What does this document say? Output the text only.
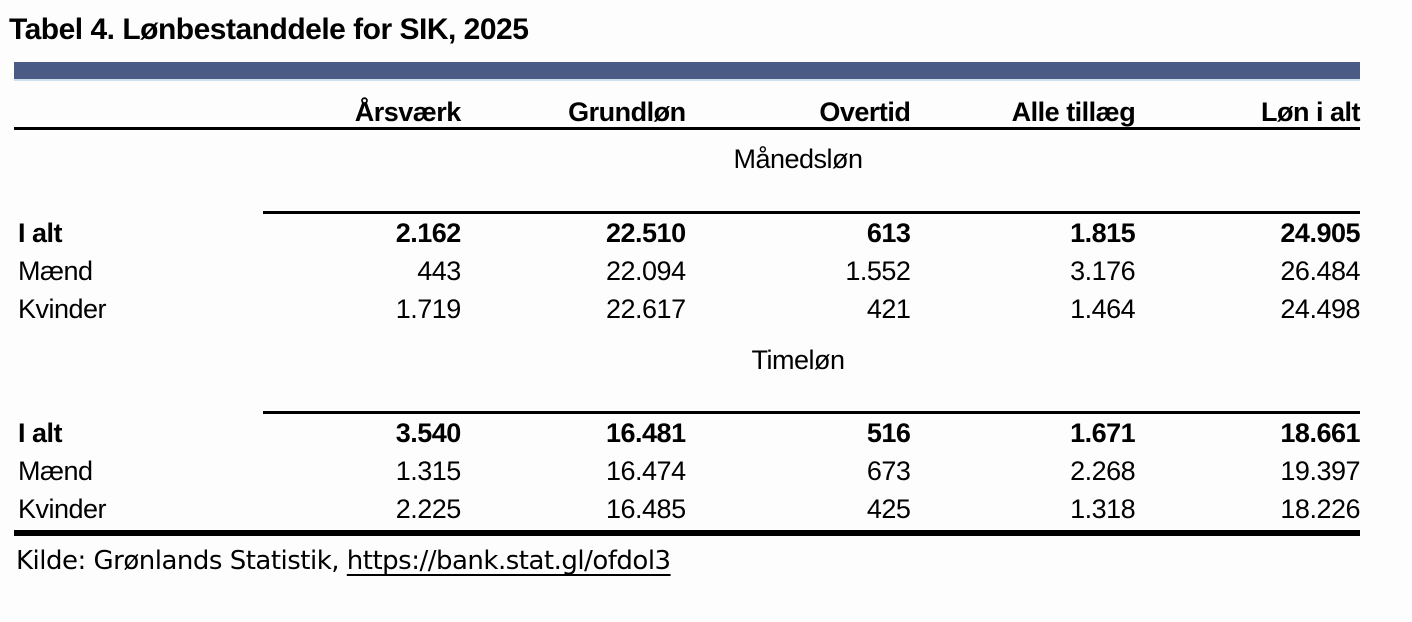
Tabel 4. Lønbestanddele for SIK, 2025
Årsværk	Grundløn	Overtid	Alle tillæg	Løn i alt
Månedsløn
I alt	2.162	22.510	613	1.815	24.905
Mænd	443	22.094	1.552	3.176	26.484
Kvinder	1.719	22.617	421	1.464	24.498
Timeløn
I alt	3.540	16.481	516	1.671	18.661
Mænd	1.315	16.474	673	2.268	19.397
Kvinder	2.225	16.485	425	1.318	18.226
Kilde: Grønlands Statistik, https://bank.stat.gl/ofdol3
